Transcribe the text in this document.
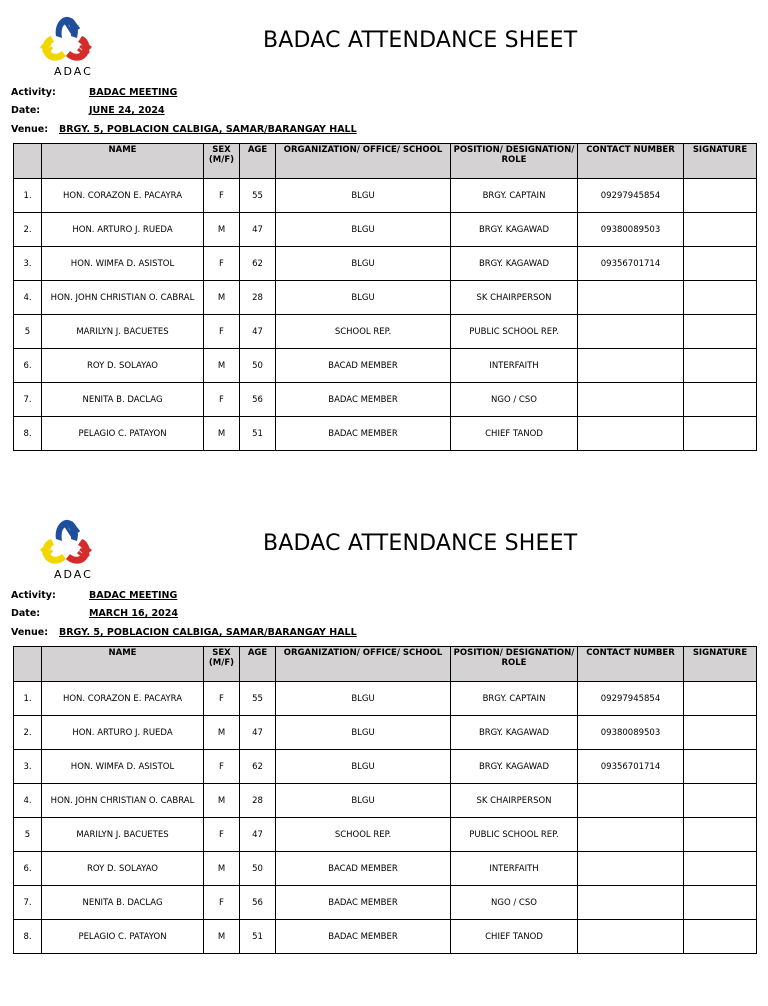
ADAC
BADAC ATTENDANCE SHEET
Activity:	BADAC MEETING
Date:	JUNE 24, 2024
Venue: BRGY. 5, POBLACION CALBIGA, SAMAR/BARANGAY HALL
	NAME	SEX (M/F)	AGE	ORGANIZATION/ OFFICE/ SCHOOL	POSITION/ DESIGNATION/ ROLE	CONTACT NUMBER	SIGNATURE
1.	HON. CORAZON E. PACAYRA	F	55	BLGU	BRGY. CAPTAIN	09297945854	
2.	HON. ARTURO J. RUEDA	M	47	BLGU	BRGY. KAGAWAD	09380089503	
3.	HON. WIMFA D. ASISTOL	F	62	BLGU	BRGY. KAGAWAD	09356701714	
4.	HON. JOHN CHRISTIAN O. CABRAL	M	28	BLGU	SK CHAIRPERSON		
5	MARILYN J. BACUETES	F	47	SCHOOL REP.	PUBLIC SCHOOL REP.		
6.	ROY D. SOLAYAO	M	50	BACAD MEMBER	INTERFAITH		
7.	NENITA B. DACLAG	F	56	BADAC MEMBER	NGO / CSO		
8.	PELAGIO C. PATAYON	M	51	BADAC MEMBER	CHIEF TANOD		
ADAC
BADAC ATTENDANCE SHEET
Activity:	BADAC MEETING
Date:	MARCH 16, 2024
Venue: BRGY. 5, POBLACION CALBIGA, SAMAR/BARANGAY HALL
	NAME	SEX (M/F)	AGE	ORGANIZATION/ OFFICE/ SCHOOL	POSITION/ DESIGNATION/ ROLE	CONTACT NUMBER	SIGNATURE
1.	HON. CORAZON E. PACAYRA	F	55	BLGU	BRGY. CAPTAIN	09297945854	
2.	HON. ARTURO J. RUEDA	M	47	BLGU	BRGY. KAGAWAD	09380089503	
3.	HON. WIMFA D. ASISTOL	F	62	BLGU	BRGY. KAGAWAD	09356701714	
4.	HON. JOHN CHRISTIAN O. CABRAL	M	28	BLGU	SK CHAIRPERSON		
5	MARILYN J. BACUETES	F	47	SCHOOL REP.	PUBLIC SCHOOL REP.		
6.	ROY D. SOLAYAO	M	50	BACAD MEMBER	INTERFAITH		
7.	NENITA B. DACLAG	F	56	BADAC MEMBER	NGO / CSO		
8.	PELAGIO C. PATAYON	M	51	BADAC MEMBER	CHIEF TANOD		
